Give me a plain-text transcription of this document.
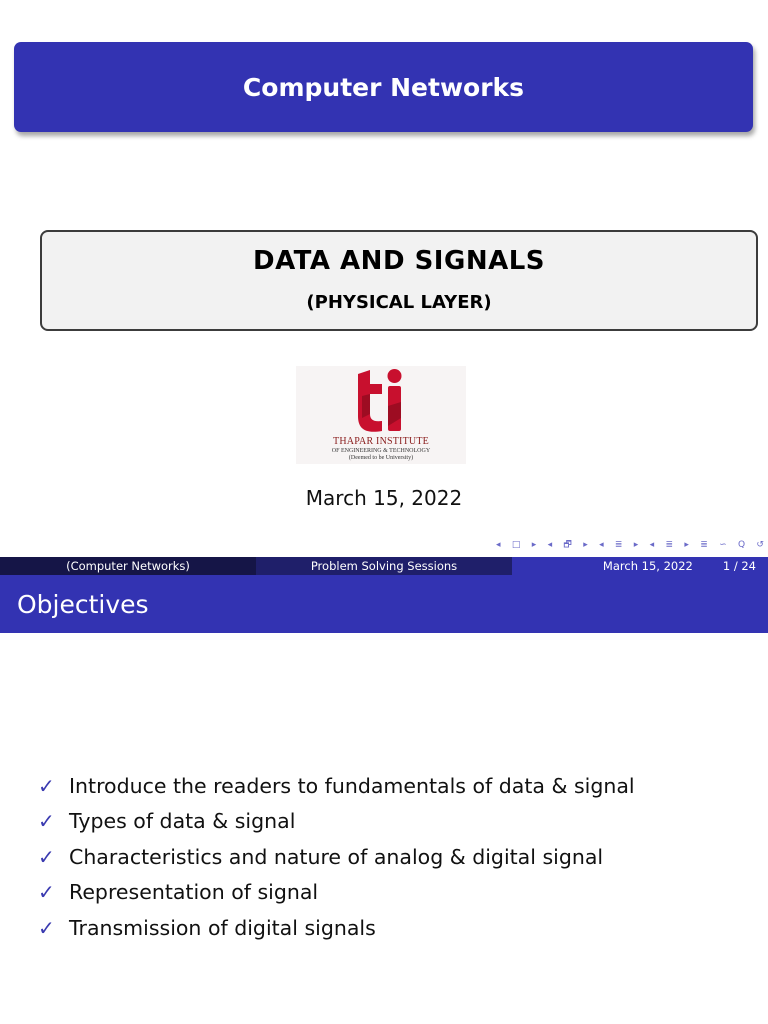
Computer Networks
DATA AND SIGNALS
(PHYSICAL LAYER)
THAPAR INSTITUTE
OF ENGINEERING & TECHNOLOGY
(Deemed to be University)
March 15, 2022
◂ □ ▸ ◂ 🗗 ▸ ◂ ≣ ▸ ◂ ≣ ▸ ≣ ∽ Q ↺
(Computer Networks)	Problem Solving Sessions	March 15, 2022	1 / 24
Objectives
✓ Introduce the readers to fundamentals of data & signal
✓ Types of data & signal
✓ Characteristics and nature of analog & digital signal
✓ Representation of signal
✓ Transmission of digital signals
